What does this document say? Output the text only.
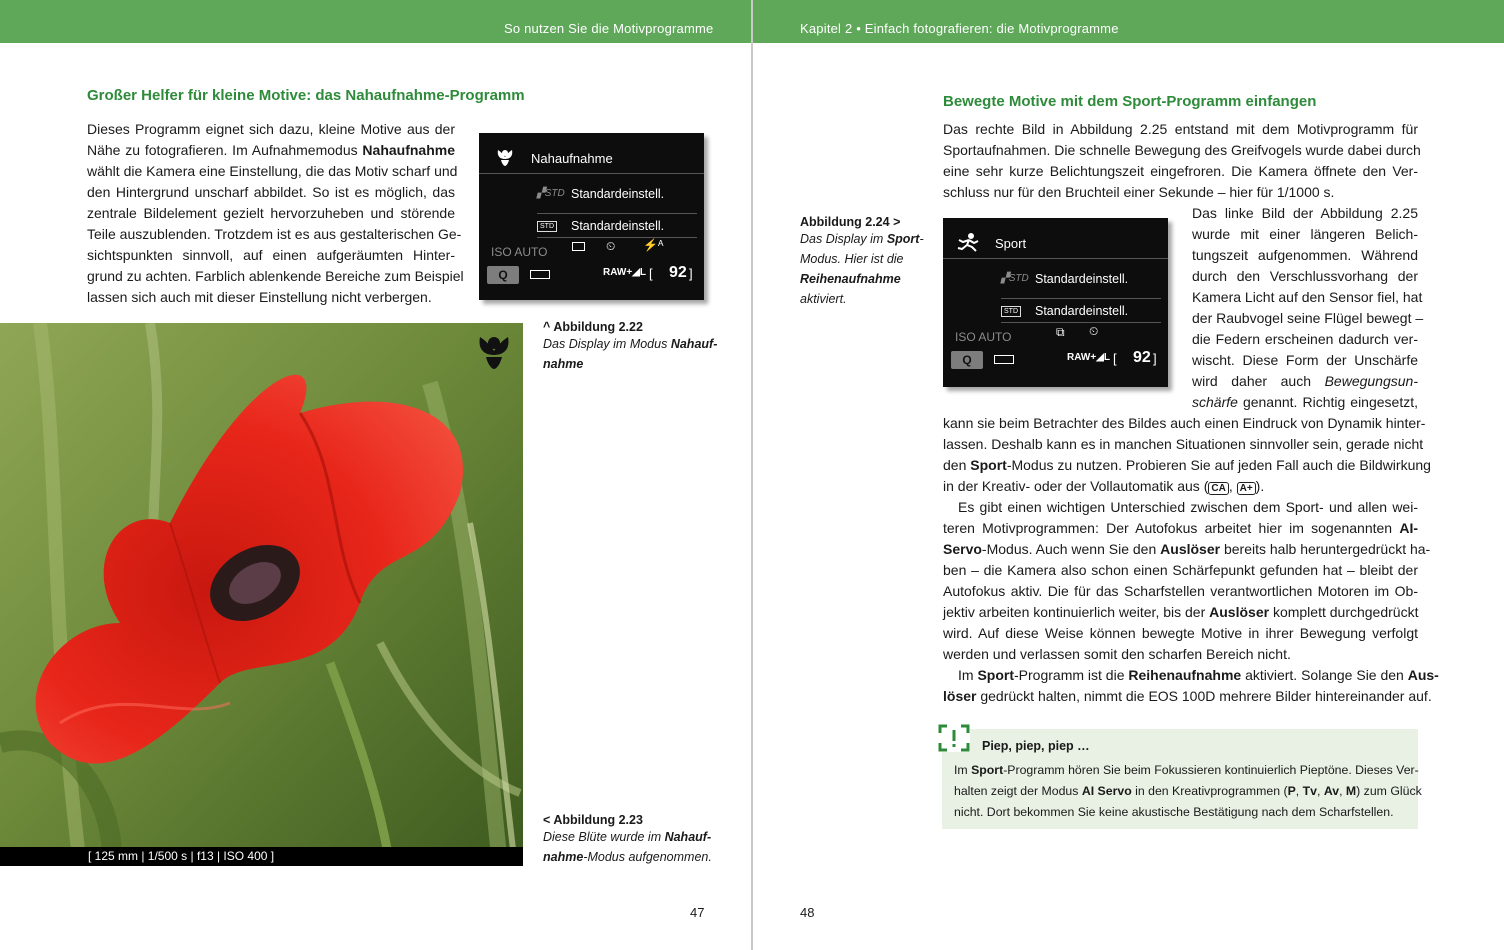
So nutzen Sie die Motivprogramme	Kapitel 2 • Einfach fotografieren: die Motivprogramme
Großer Helfer für kleine Motive: das Nahaufnahme-Programm
Dieses Programm eignet sich dazu, kleine Motive aus der
Nähe zu fotografieren. Im Aufnahmemodus Nahaufnahme
wählt die Kamera eine Einstellung, die das Motiv scharf und
den Hintergrund unscharf abbildet. So ist es möglich, das
zentrale Bildelement gezielt hervorzuheben und störende
Teile auszublenden. Trotzdem ist es aus gestalterischen Ge-
sichtspunkten sinnvoll, auf einen aufgeräumten Hinter-
grund zu achten. Farblich ablenkende Bereiche zum Beispiel
lassen sich auch mit dieser Einstellung nicht verbergen.
Nahaufnahme
▞STD Standardeinstell.
STD Standardeinstell.
⏲ ⚡ᴬ
ISO AUTO
Q	RAW+◢L [ 92 ]
^ Abbildung 2.22
Das Display im Modus Nahauf-
nahme
[ 125 mm | 1/500 s | f13 | ISO 400 ]
< Abbildung 2.23
Diese Blüte wurde im Nahauf-
nahme-Modus aufgenommen.
47
Bewegte Motive mit dem Sport-Programm einfangen
Das rechte Bild in Abbildung 2.25 entstand mit dem Motivprogramm für
Sportaufnahmen. Die schnelle Bewegung des Greifvogels wurde dabei durch
eine sehr kurze Belichtungszeit eingefroren. Die Kamera öffnete den Ver-
schluss nur für den Bruchteil einer Sekunde – hier für 1/1000 s.
Abbildung 2.24 >
Das Display im Sport-
Modus. Hier ist die
Reihenaufnahme
aktiviert.
Sport
▞STD Standardeinstell.
STD Standardeinstell.
⧉ ⏲
ISO AUTO
Q	RAW+◢L [ 92 ]
Das linke Bild der Abbildung 2.25
wurde mit einer längeren Belich-
tungszeit aufgenommen. Während
durch den Verschlussvorhang der
Kamera Licht auf den Sensor fiel, hat
der Raubvogel seine Flügel bewegt –
die Federn erscheinen dadurch ver-
wischt. Diese Form der Unschärfe
wird daher auch Bewegungsun-
schärfe genannt. Richtig eingesetzt,
kann sie beim Betrachter des Bildes auch einen Eindruck von Dynamik hinter-
lassen. Deshalb kann es in manchen Situationen sinnvoller sein, gerade nicht
den Sport-Modus zu nutzen. Probieren Sie auf jeden Fall auch die Bildwirkung
in der Kreativ- oder der Vollautomatik aus ( CA , A+ ).
Es gibt einen wichtigen Unterschied zwischen dem Sport- und allen wei-
teren Motivprogrammen: Der Autofokus arbeitet hier im sogenannten AI-
Servo-Modus. Auch wenn Sie den Auslöser bereits halb heruntergedrückt ha-
ben – die Kamera also schon einen Schärfepunkt gefunden hat – bleibt der
Autofokus aktiv. Die für das Scharfstellen verantwortlichen Motoren im Ob-
jektiv arbeiten kontinuierlich weiter, bis der Auslöser komplett durchgedrückt
wird. Auf diese Weise können bewegte Motive in ihrer Bewegung verfolgt
werden und verlassen somit den scharfen Bereich nicht.
Im Sport-Programm ist die Reihenaufnahme aktiviert. Solange Sie den Aus-
löser gedrückt halten, nimmt die EOS 100D mehrere Bilder hintereinander auf.
Piep, piep, piep …
Im Sport-Programm hören Sie beim Fokussieren kontinuierlich Pieptöne. Dieses Ver-
halten zeigt der Modus AI Servo in den Kreativprogrammen (P, Tv, Av, M) zum Glück
nicht. Dort bekommen Sie keine akustische Bestätigung nach dem Scharfstellen.
48
